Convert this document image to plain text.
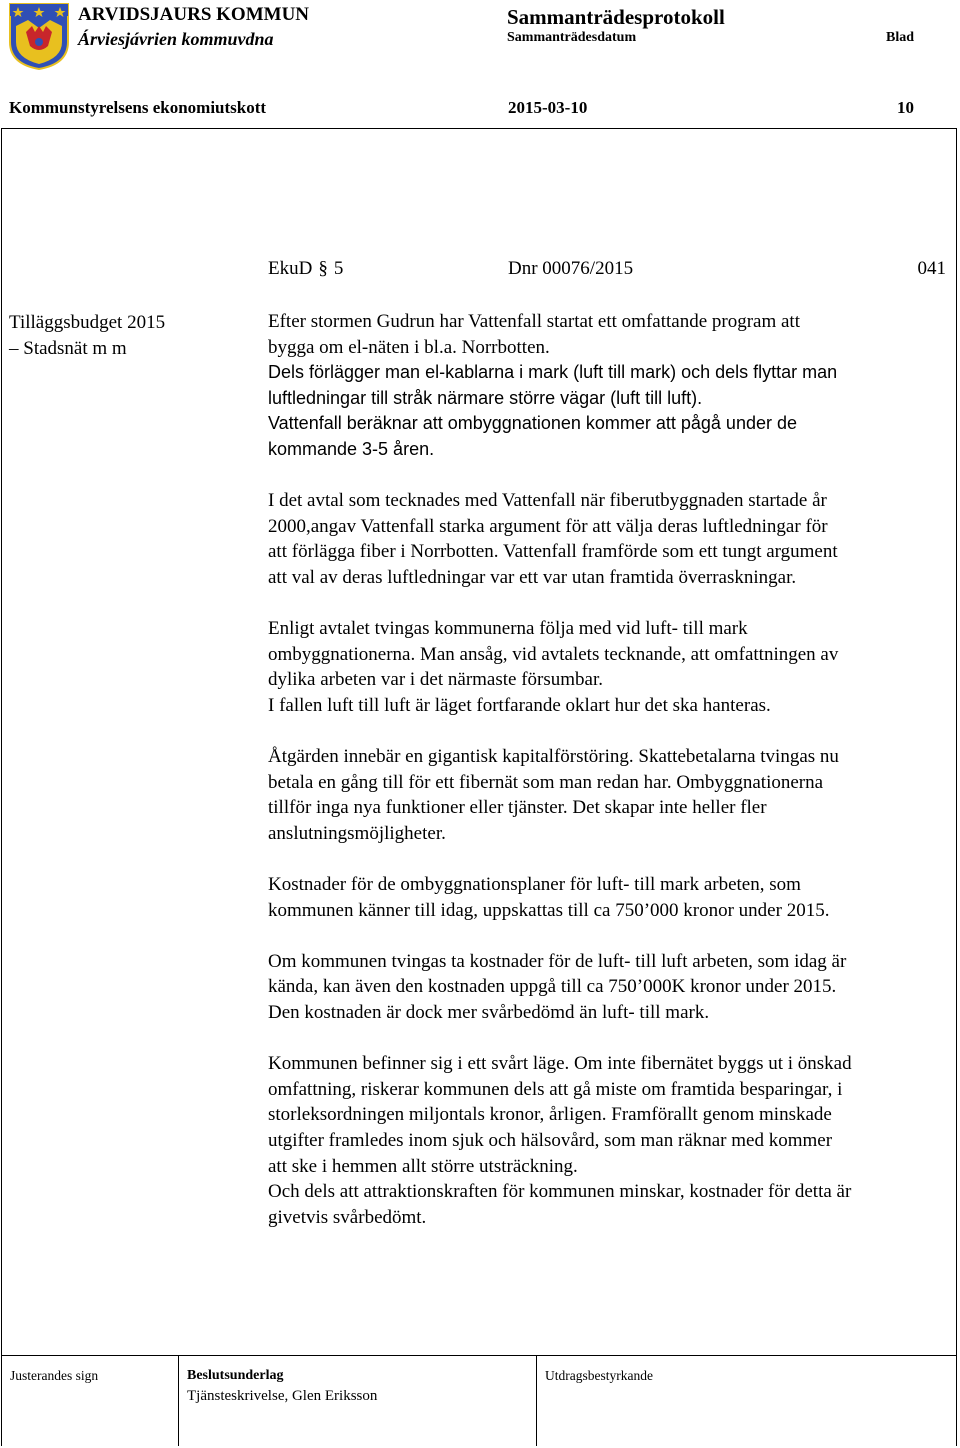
ARVIDSJAURS KOMMUN
Árviesjávrien kommuvdna
Sammanträdesprotokoll
Sammanträdesdatum	Blad
Kommunstyrelsens ekonomiutskott	2015-03-10	10
EkuD § 5	Dnr 00076/2015	041
Tilläggsbudget 2015
– Stadsnät m m

Efter stormen Gudrun har Vattenfall startat ett omfattande program att
bygga om el-näten i bl.a. Norrbotten.
Dels förlägger man el-kablarna i mark (luft till mark) och dels flyttar man
luftledningar till stråk närmare större vägar (luft till luft).
Vattenfall beräknar att ombyggnationen kommer att pågå under de
kommande 3-5 åren.

I det avtal som tecknades med Vattenfall när fiberutbyggnaden startade år
2000,angav Vattenfall starka argument för att välja deras luftledningar för
att förlägga fiber i Norrbotten. Vattenfall framförde som ett tungt argument
att val av deras luftledningar var ett var utan framtida överraskningar.

Enligt avtalet tvingas kommunerna följa med vid luft- till mark
ombyggnationerna. Man ansåg, vid avtalets tecknande, att omfattningen av
dylika arbeten var i det närmaste försumbar.
I fallen luft till luft är läget fortfarande oklart hur det ska hanteras.

Åtgärden innebär en gigantisk kapitalförstöring. Skattebetalarna tvingas nu
betala en gång till för ett fibernät som man redan har. Ombyggnationerna
tillför inga nya funktioner eller tjänster. Det skapar inte heller fler
anslutningsmöjligheter.

Kostnader för de ombyggnationsplaner för luft- till mark arbeten, som
kommunen känner till idag, uppskattas till ca 750’000 kronor under 2015.

Om kommunen tvingas ta kostnader för de luft- till luft arbeten, som idag är
kända, kan även den kostnaden uppgå till ca 750’000K kronor under 2015.
Den kostnaden är dock mer svårbedömd än luft- till mark.

Kommunen befinner sig i ett svårt läge. Om inte fibernätet byggs ut i önskad
omfattning, riskerar kommunen dels att gå miste om framtida besparingar, i
storleksordningen miljontals kronor, årligen. Framförallt genom minskade
utgifter framledes inom sjuk och hälsovård, som man räknar med kommer
att ske i hemmen allt större utsträckning.
Och dels att attraktionskraften för kommunen minskar, kostnader för detta är
givetvis svårbedömt.

Justerandes sign	Beslutsunderlag
Tjänsteskrivelse, Glen Eriksson
Utdragsbestyrkande
